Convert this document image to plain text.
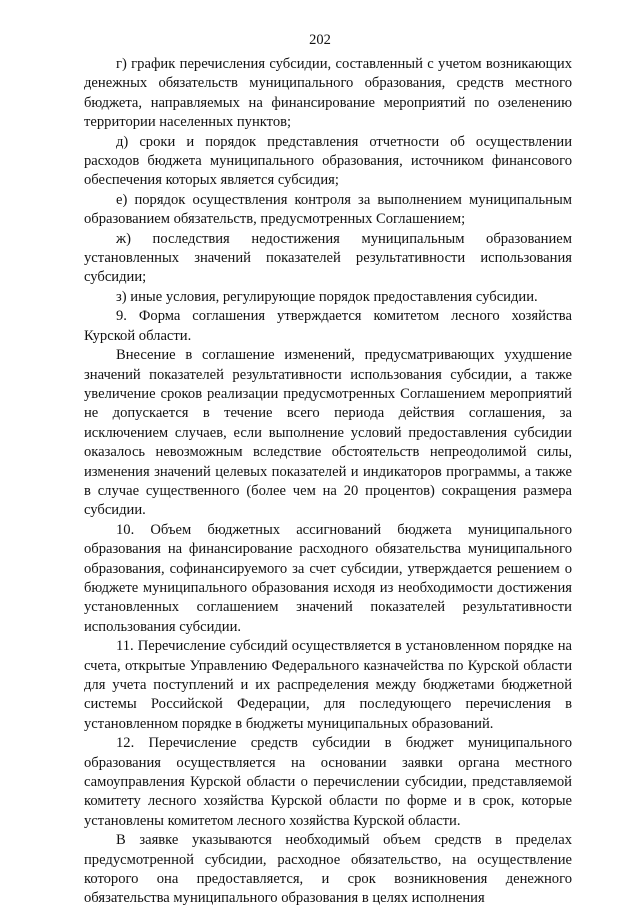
202

г) график перечисления субсидии, составленный с учетом возникающих денежных обязательств муниципального образования, средств местного бюджета, направляемых на финансирование мероприятий по озеленению территории населенных пунктов;

д) сроки и порядок представления отчетности об осуществлении расходов бюджета муниципального образования, источником финансового обеспечения которых является субсидия;

е) порядок осуществления контроля за выполнением муниципальным образованием обязательств, предусмотренных Соглашением;

ж) последствия недостижения муниципальным образованием установленных значений показателей результативности использования субсидии;

з) иные условия, регулирующие порядок предоставления субсидии.

9. Форма соглашения утверждается комитетом лесного хозяйства Курской области.

Внесение в соглашение изменений, предусматривающих ухудшение значений показателей результативности использования субсидии, а также увеличение сроков реализации предусмотренных Соглашением мероприятий не допускается в течение всего периода действия соглашения, за исключением случаев, если выполнение условий предоставления субсидии оказалось невозможным вследствие обстоятельств непреодолимой силы, изменения значений целевых показателей и индикаторов программы, а также в случае существенного (более чем на 20 процентов) сокращения размера субсидии.

10. Объем бюджетных ассигнований бюджета муниципального образования на финансирование расходного обязательства муниципального образования, софинансируемого за счет субсидии, утверждается решением о бюджете муниципального образования исходя из необходимости достижения установленных соглашением значений показателей результативности использования субсидии.

11. Перечисление субсидий осуществляется в установленном порядке на счета, открытые Управлению Федерального казначейства по Курской области для учета поступлений и их распределения между бюджетами бюджетной системы Российской Федерации, для последующего перечисления в установленном порядке в бюджеты муниципальных образований.

12. Перечисление средств субсидии в бюджет муниципального образования осуществляется на основании заявки органа местного самоуправления Курской области о перечислении субсидии, представляемой комитету лесного хозяйства Курской области по форме и в срок, которые установлены комитетом лесного хозяйства Курской области.

В заявке указываются необходимый объем средств в пределах предусмотренной субсидии, расходное обязательство, на осуществление которого она предоставляется, и срок возникновения денежного обязательства муниципального образования в целях исполнения
